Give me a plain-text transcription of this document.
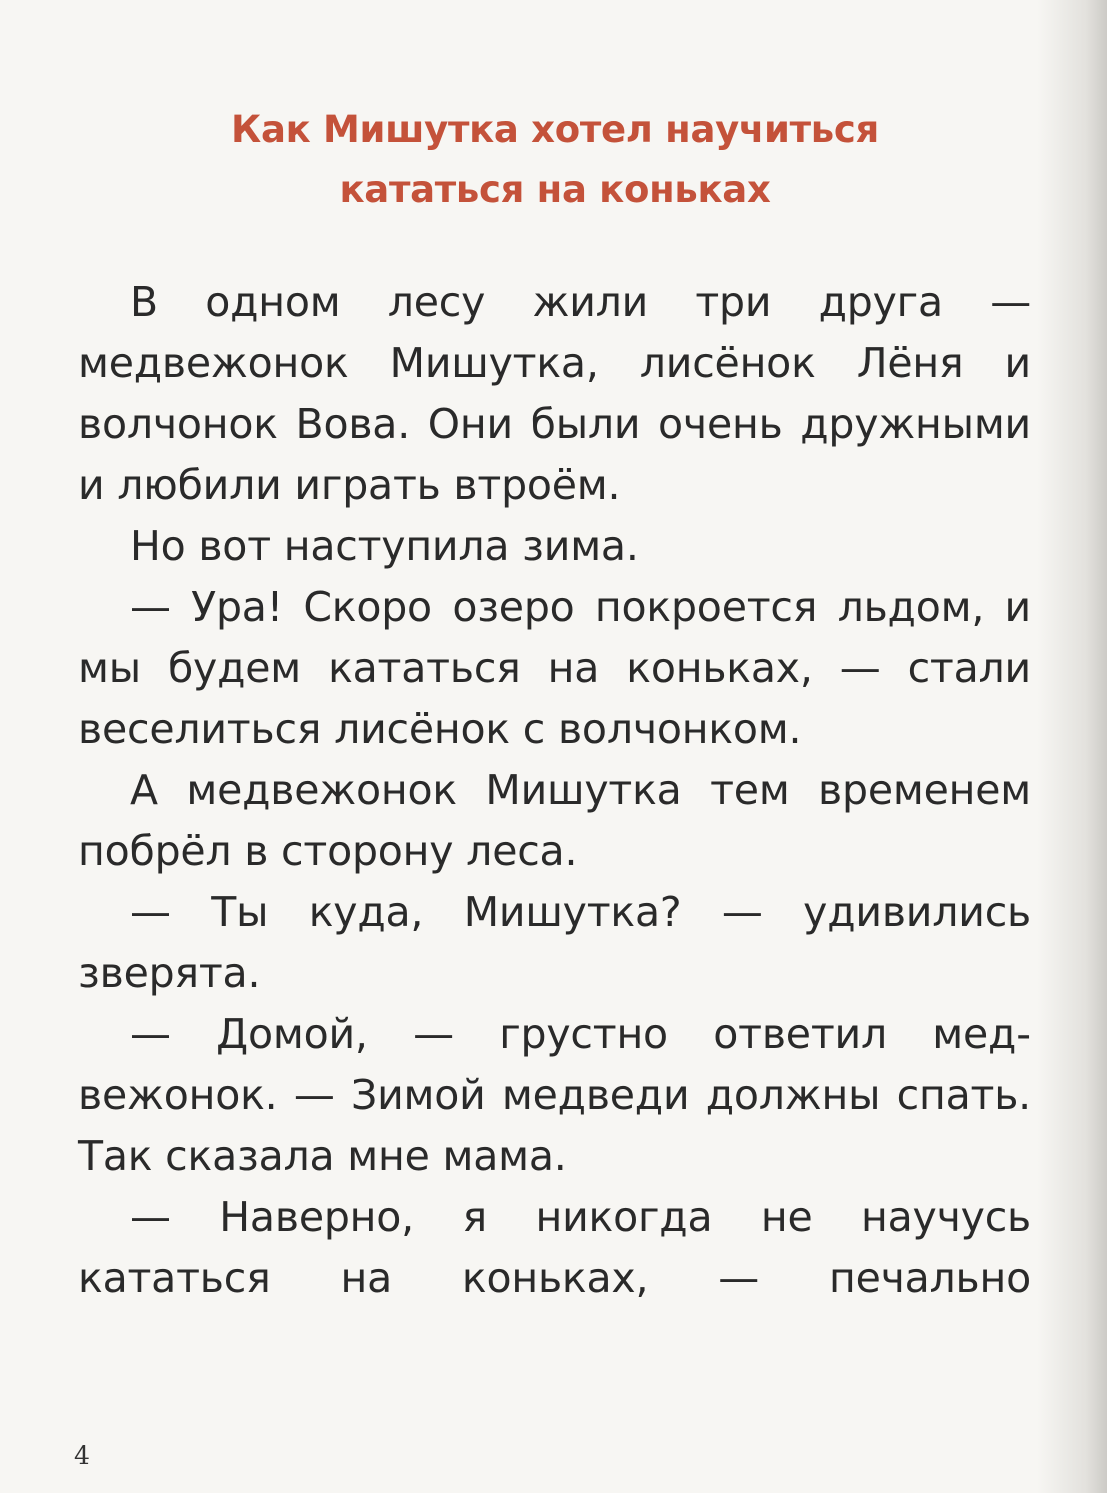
Как Мишутка хотел научиться
кататься на коньках

В одном лесу жили три друга — медвежонок Мишутка, лисёнок Лёня и волчонок Вова. Они были очень дружными и любили играть втроём.

Но вот наступила зима.

— Ура! Скоро озеро покроется льдом, и мы будем кататься на коньках, — стали веселиться лисёнок с волчонком.

А медвежонок Мишутка тем временем побрёл в сторону леса.

— Ты куда, Мишутка? — удивились зверята.

— Домой, — грустно ответил медвежонок. — Зимой медведи должны спать. Так сказала мне мама.

— Наверно, я никогда не научусь кататься на коньках, — печально

4
